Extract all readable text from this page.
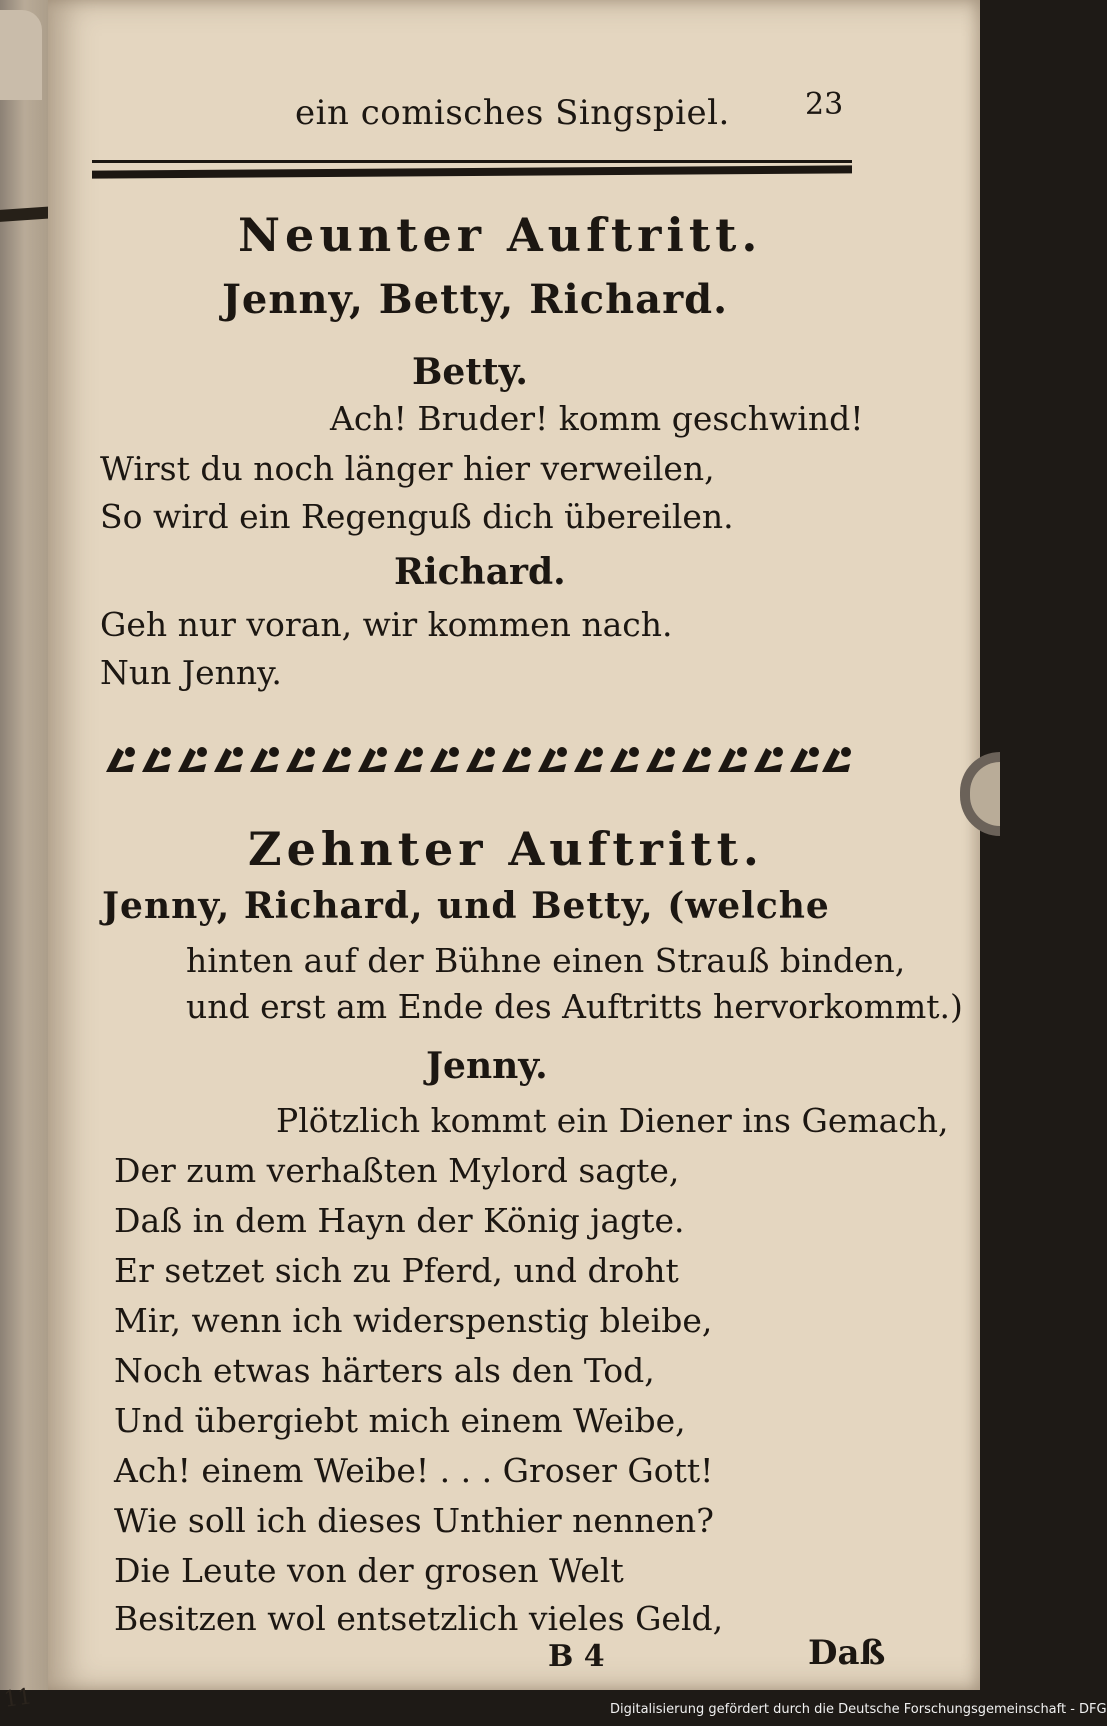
11
ein comisches Singspiel.	23
Neunter Auftritt.
Jenny, Betty, Richard.
Betty.
Ach! Bruder! komm geschwind!
Wirst du noch länger hier verweilen,
So wird ein Regenguß dich übereilen.
Richard.
Geh nur voran, wir kommen nach.
Nun Jenny.
Zehnter Auftritt.
Jenny, Richard, und Betty, (welche
hinten auf der Bühne einen Strauß binden,
und erst am Ende des Auftritts hervorkommt.)
Jenny.
Plötzlich kommt ein Diener ins Gemach,
Der zum verhaßten Mylord sagte,
Daß in dem Hayn der König jagte.
Er setzet sich zu Pferd, und droht
Mir, wenn ich widerspenstig bleibe,
Noch etwas härters als den Tod,
Und übergiebt mich einem Weibe,
Ach! einem Weibe! . . . Groser Gott!
Wie soll ich dieses Unthier nennen?
Die Leute von der grosen Welt
Besitzen wol entsetzlich vieles Geld,
B 4	Daß
Digitalisierung gefördert durch die Deutsche Forschungsgemeinschaft - DFG
